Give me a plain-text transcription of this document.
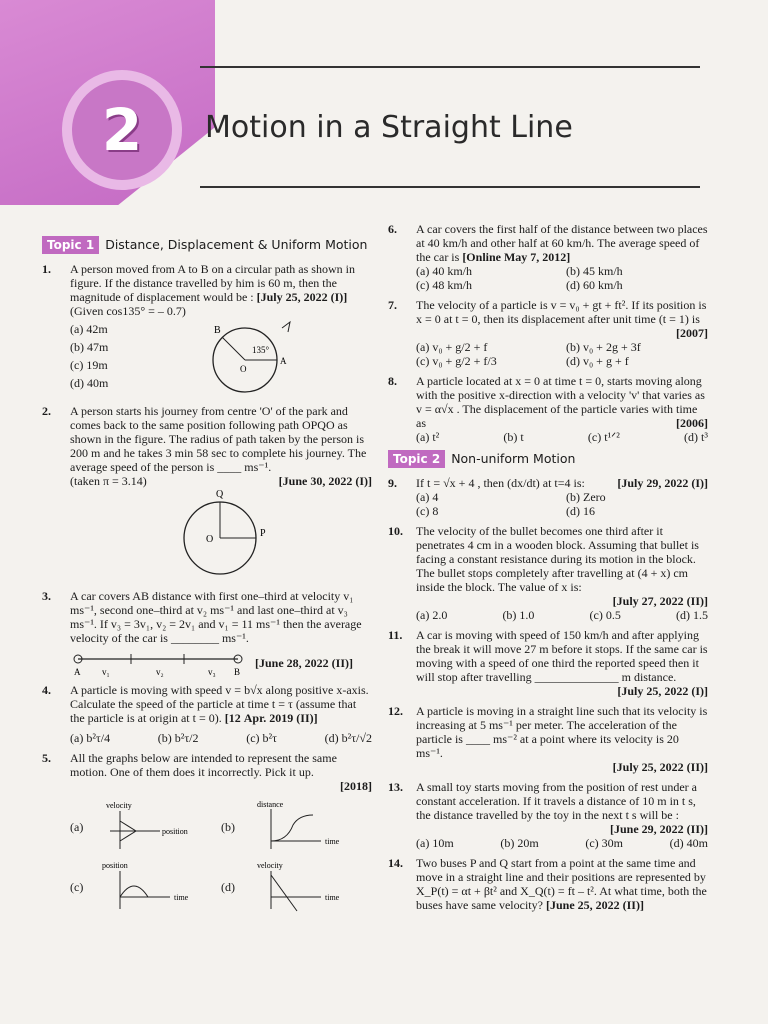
2 Motion in a Straight Line
Topic 1 Distance, Displacement & Uniform Motion
1.	A person moved from A to B on a circular path as shown in figure. If the distance travelled by him is 60 m, then the magnitude of displacement would be : [July 25, 2022 (I)]
(Given cos135° = – 0.7)
(a) 42m
(b) 47m
(c) 19m
(d) 40m
B
135°
O
A
2.	A person starts his journey from centre 'O' of the park and comes back to the same position following path OPQO as shown in the figure. The radius of path taken by the person is 200 m and he takes 3 min 58 sec to complete his journey. The average speed of the person is ____ ms⁻¹.
(taken π = 3.14)	[June 30, 2022 (I)]
Q
O
P
3.	A car covers AB distance with first one–third at velocity v₁ ms⁻¹, second one–third at v₂ ms⁻¹ and last one–third at v₃ ms⁻¹. If v₃ = 3v₁, v₂ = 2v₁ and v₁ = 11 ms⁻¹ then the average velocity of the car is ________ ms⁻¹.
A v₁	v₂	v₃ B
[June 28, 2022 (II)]
4.	A particle is moving with speed v = b√x along positive x-axis. Calculate the speed of the particle at time t = τ (assume that the particle is at origin at t = 0). [12 Apr. 2019 (II)]
(a) b²τ/4	(b) b²τ/2	(c) b²τ	(d) b²τ/√2
5.	All the graphs below are intended to represent the same motion. One of them does it incorrectly. Pick it up.
[2018]
(a)
velocity
position	(b)
distance
time
(c)
position
time
(d)
velocity
time
6.	A car covers the first half of the distance between two places at 40 km/h and other half at 60 km/h. The average speed of the car is [Online May 7, 2012]
(a) 40 km/h	(b) 45 km/h
(c) 48 km/h	(d) 60 km/h
7.	The velocity of a particle is v = v₀ + gt + ft². If its position is x = 0 at t = 0, then its displacement after unit time (t = 1) is
[2007]
(a) v₀ + g/2 + f	(b) v₀ + 2g + 3f
(c) v₀ + g/2 + f/3	(d) v₀ + g + f
8.	A particle located at x = 0 at time t = 0, starts moving along with the positive x-direction with a velocity 'v' that varies as v = α√x . The displacement of the particle varies with time as	[2006]
(a) t²	(b) t	(c) t¹ᐟ²	(d) t³
Topic 2 Non-uniform Motion
9.	If t = √x + 4 , then (dx/dt) at t=4 is:	[July 29, 2022 (I)]
(a) 4	(b) Zero
(c) 8	(d) 16
10.	The velocity of the bullet becomes one third after it penetrates 4 cm in a wooden block. Assuming that bullet is facing a constant resistance during its motion in the block. The bullet stops completely after travelling at (4 + x) cm inside the block. The value of x is:
[July 27, 2022 (II)]
(a) 2.0	(b) 1.0	(c) 0.5	(d) 1.5
11.	A car is moving with speed of 150 km/h and after applying the break it will move 27 m before it stops. If the same car is moving with a speed of one third the reported speed then it will stop after travelling ______________ m distance.
[July 25, 2022 (I)]
12.	A particle is moving in a straight line such that its velocity is increasing at 5 ms⁻¹ per meter. The acceleration of the particle is ____ ms⁻² at a point where its velocity is 20 ms⁻¹.
[July 25, 2022 (II)]
13.	A small toy starts moving from the position of rest under a constant acceleration. If it travels a distance of 10 m in t s, the distance travelled by the toy in the next t s will be :
[June 29, 2022 (II)]
(a) 10m	(b) 20m	(c) 30m	(d) 40m
14.	Two buses P and Q start from a point at the same time and move in a straight line and their positions are represented by X_P(t) = αt + βt² and X_Q(t) = ft – t². At what time, both the buses have same velocity? [June 25, 2022 (II)]
